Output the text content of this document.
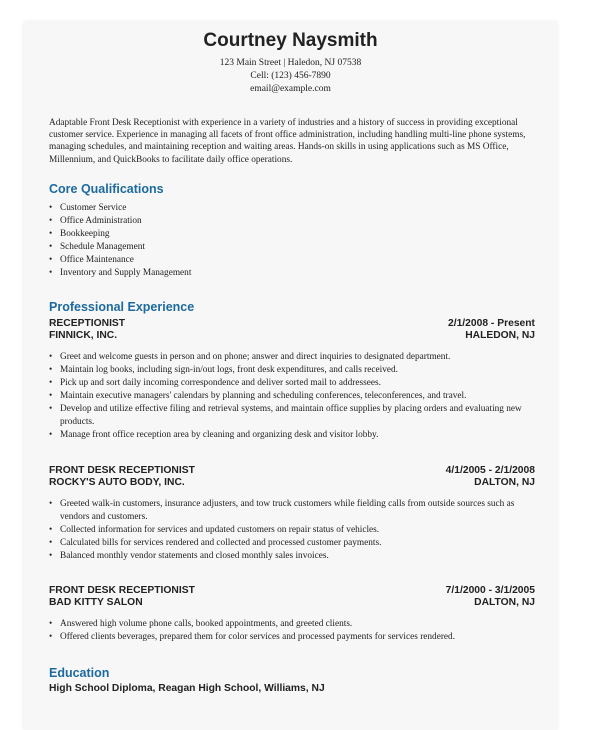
Courtney Naysmith
123 Main Street | Haledon, NJ 07538
Cell: (123) 456-7890
email@example.com
Adaptable Front Desk Receptionist with experience in a variety of industries and a history of success in providing exceptional customer service. Experience in managing all facets of front office administration, including handling multi-line phone systems, managing schedules, and maintaining reception and waiting areas. Hands-on skills in using applications such as MS Office, Millennium, and QuickBooks to facilitate daily office operations.
Core Qualifications
• Customer Service
• Office Administration
• Bookkeeping
• Schedule Management
• Office Maintenance
• Inventory and Supply Management
Professional Experience
RECEPTIONIST	2/1/2008 - Present
FINNICK, INC.	HALEDON, NJ
• Greet and welcome guests in person and on phone; answer and direct inquiries to designated department.
• Maintain log books, including sign-in/out logs, front desk expenditures, and calls received.
• Pick up and sort daily incoming correspondence and deliver sorted mail to addressees.
• Maintain executive managers' calendars by planning and scheduling conferences, teleconferences, and travel.
• Develop and utilize effective filing and retrieval systems, and maintain office supplies by placing orders and evaluating new products.
• Manage front office reception area by cleaning and organizing desk and visitor lobby.
FRONT DESK RECEPTIONIST	4/1/2005 - 2/1/2008
ROCKY'S AUTO BODY, INC.	DALTON, NJ
• Greeted walk-in customers, insurance adjusters, and tow truck customers while fielding calls from outside sources such as vendors and customers.
• Collected information for services and updated customers on repair status of vehicles.
• Calculated bills for services rendered and collected and processed customer payments.
• Balanced monthly vendor statements and closed monthly sales invoices.
FRONT DESK RECEPTIONIST	7/1/2000 - 3/1/2005
BAD KITTY SALON	DALTON, NJ
• Answered high volume phone calls, booked appointments, and greeted clients.
• Offered clients beverages, prepared them for color services and processed payments for services rendered.
Education
High School Diploma, Reagan High School, Williams, NJ
